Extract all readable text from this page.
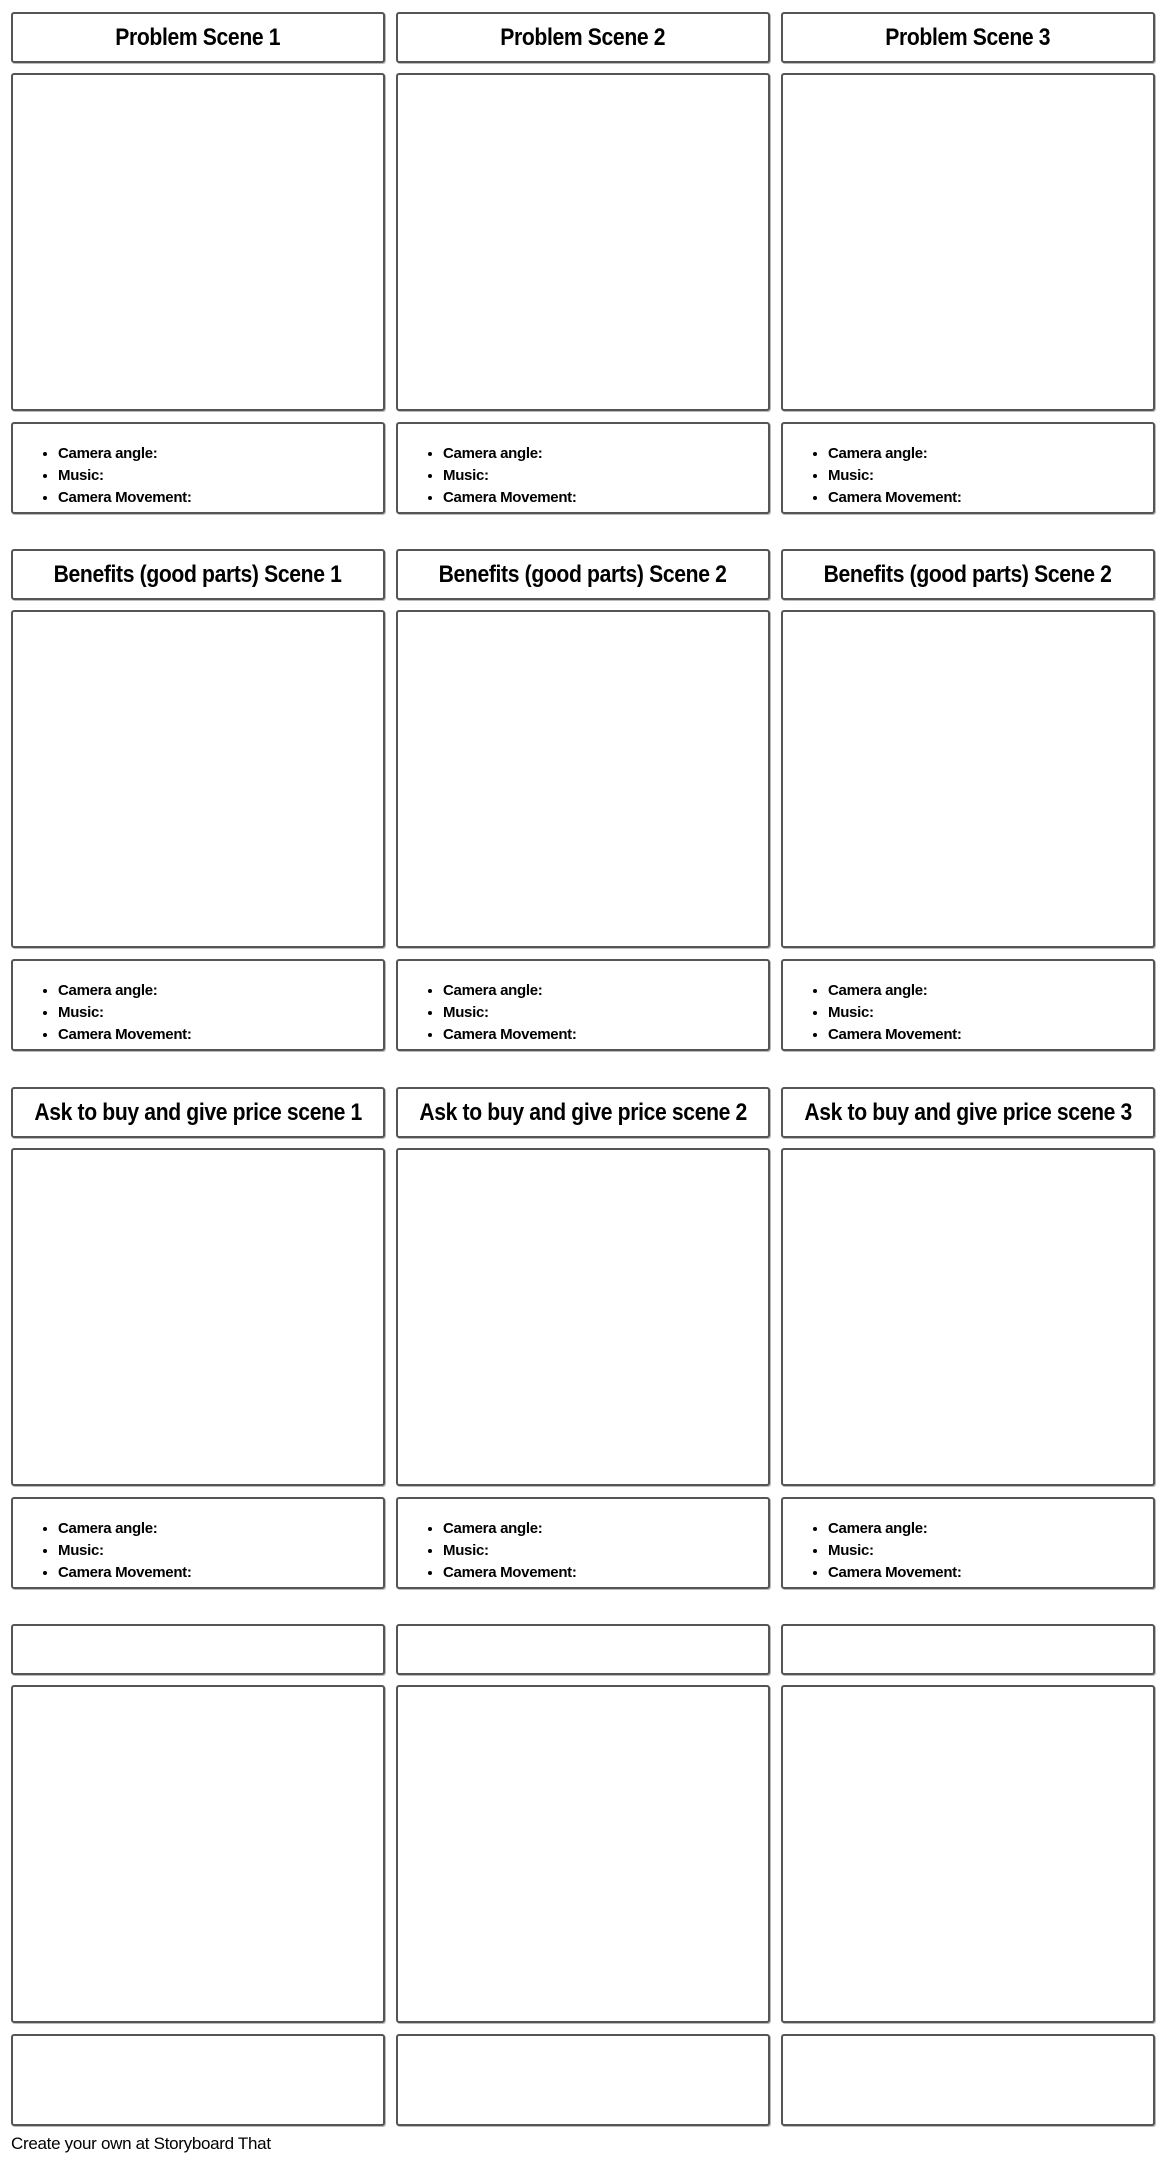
Problem Scene 1	Problem Scene 2	Problem Scene 3
• Camera angle:
• Music:
• Camera Movement:
• Camera angle:
• Music:
• Camera Movement:
• Camera angle:
• Music:
• Camera Movement:
Benefits (good parts) Scene 1	Benefits (good parts) Scene 2	Benefits (good parts) Scene 2
• Camera angle:
• Music:
• Camera Movement:
• Camera angle:
• Music:
• Camera Movement:
• Camera angle:
• Music:
• Camera Movement:
Ask to buy and give price scene 1 Ask to buy and give price scene 2 Ask to buy and give price scene 3
• Camera angle:
• Music:
• Camera Movement:
• Camera angle:
• Music:
• Camera Movement:
• Camera angle:
• Music:
• Camera Movement:
Create your own at Storyboard That
